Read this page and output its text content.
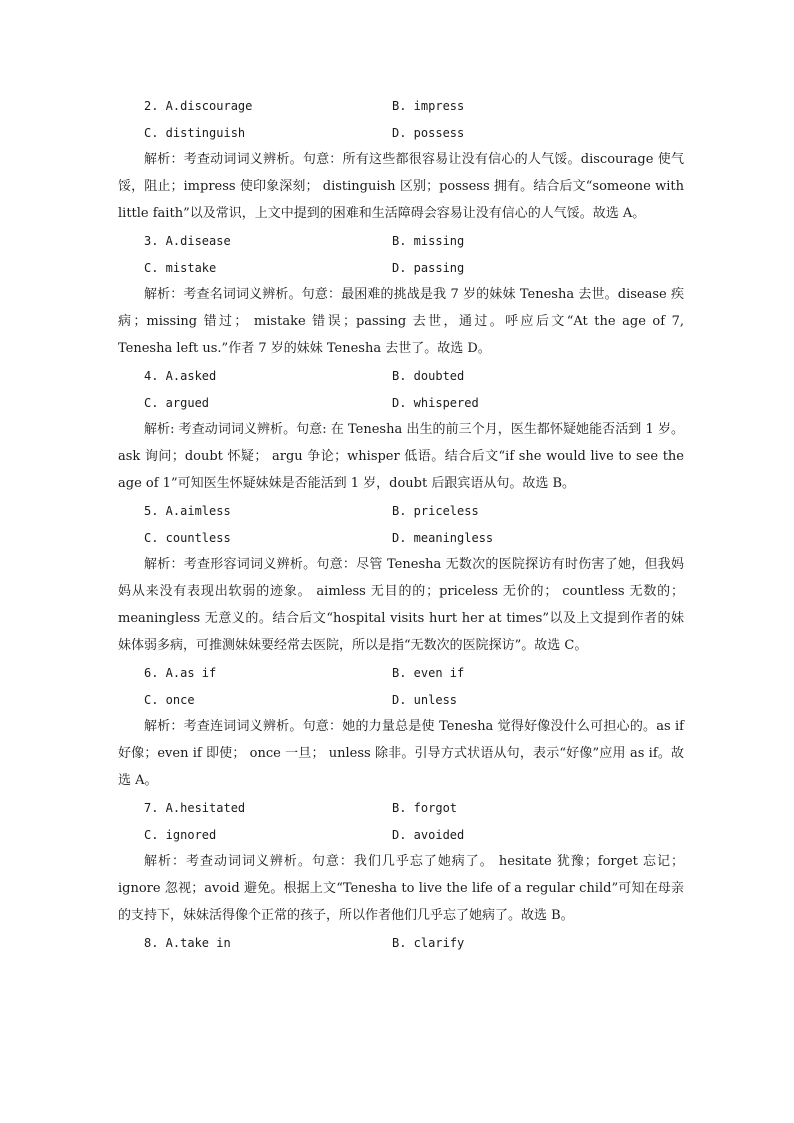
2. A.discourage	B. impress
C. distinguish	D. possess

解析：考查动词词义辨析。句意：所有这些都很容易让没有信心的人气馁。discourage 使气馁，阻止；impress 使印象深刻； distinguish 区别；possess 拥有。结合后文“someone with little faith”以及常识，上文中提到的困难和生活障碍会容易让没有信心的人气馁。故选 A。

3. A.disease	B. missing
C. mistake	D. passing

解析：考查名词词义辨析。句意：最困难的挑战是我 7 岁的妹妹 Tenesha 去世。disease 疾病；missing 错过； mistake 错误；passing 去世，通过。呼应后文“At the age of 7, Tenesha left us.”作者 7 岁的妹妹 Tenesha 去世了。故选 D。

4. A.asked	B. doubted
C. argued	D. whispered

解析: 考查动词词义辨析。句意: 在 Tenesha 出生的前三个月，医生都怀疑她能否活到 1 岁。 ask 询问；doubt 怀疑； argu 争论；whisper 低语。结合后文“if she would live to see the age of 1”可知医生怀疑妹妹是否能活到 1 岁，doubt 后跟宾语从句。故选 B。

5. A.aimless	B. priceless
C. countless	D. meaningless

解析：考查形容词词义辨析。句意：尽管 Tenesha 无数次的医院探访有时伤害了她，但我妈妈从来没有表现出软弱的迹象。 aimless 无目的的；priceless 无价的； countless 无数的；meaningless 无意义的。结合后文“hospital visits hurt her at times”以及上文提到作者的妹妹体弱多病，可推测妹妹要经常去医院，所以是指“无数次的医院探访”。故选 C。

6. A.as if	B. even if
C. once	D. unless

解析：考查连词词义辨析。句意：她的力量总是使 Tenesha 觉得好像没什么可担心的。as if 好像；even if 即使； once 一旦； unless 除非。引导方式状语从句，表示“好像”应用 as if。故选 A。

7. A.hesitated	B. forgot
C. ignored	D. avoided

解析：考查动词词义辨析。句意：我们几乎忘了她病了。 hesitate 犹豫；forget 忘记；ignore 忽视；avoid 避免。根据上文“Tenesha to live the life of a regular child”可知在母亲的支持下，妹妹活得像个正常的孩子，所以作者他们几乎忘了她病了。故选 B。

8. A.take in	B. clarify
